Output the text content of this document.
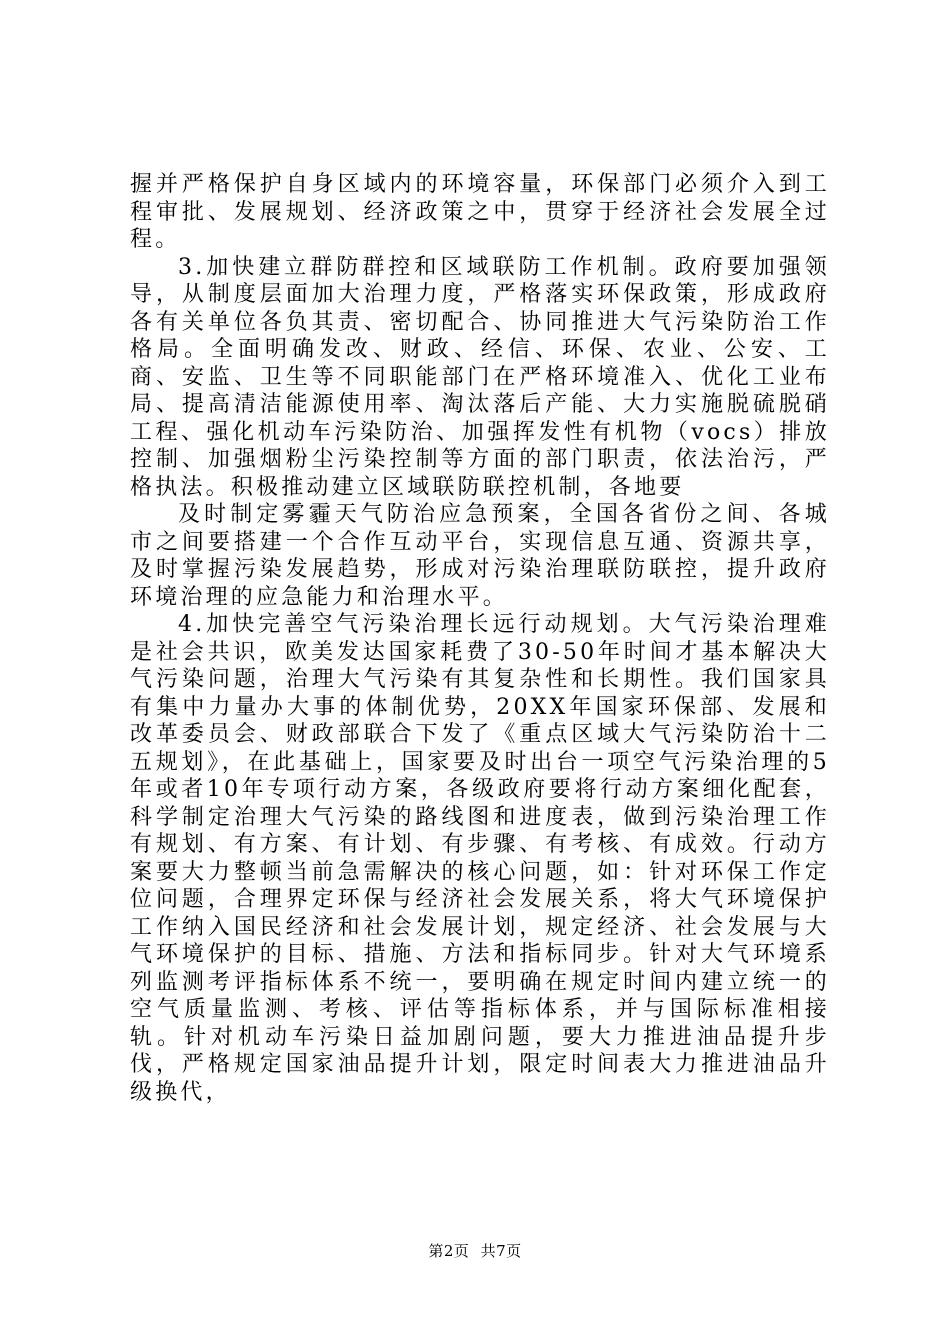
握并严格保护自身区域内的环境容量，环保部门必须介入到工程审批、发展规划、经济政策之中，贯穿于经济社会发展全过程。

3.加快建立群防群控和区域联防工作机制。政府要加强领导，从制度层面加大治理力度，严格落实环保政策，形成政府各有关单位各负其责、密切配合、协同推进大气污染防治工作格局。全面明确发改、财政、经信、环保、农业、公安、工商、安监、卫生等不同职能部门在严格环境准入、优化工业布局、提高清洁能源使用率、淘汰落后产能、大力实施脱硫脱硝工程、强化机动车污染防治、加强挥发性有机物（vocs）排放控制、加强烟粉尘污染控制等方面的部门职责，依法治污，严格执法。积极推动建立区域联防联控机制，各地要

及时制定雾霾天气防治应急预案，全国各省份之间、各城市之间要搭建一个合作互动平台，实现信息互通、资源共享，及时掌握污染发展趋势，形成对污染治理联防联控，提升政府环境治理的应急能力和治理水平。

4.加快完善空气污染治理长远行动规划。大气污染治理难是社会共识，欧美发达国家耗费了30-50年时间才基本解决大气污染问题，治理大气污染有其复杂性和长期性。我们国家具有集中力量办大事的体制优势，20XX年国家环保部、发展和改革委员会、财政部联合下发了《重点区域大气污染防治十二五规划》，在此基础上，国家要及时出台一项空气污染治理的5年或者10年专项行动方案，各级政府要将行动方案细化配套，科学制定治理大气污染的路线图和进度表，做到污染治理工作有规划、有方案、有计划、有步骤、有考核、有成效。行动方案要大力整顿当前急需解决的核心问题，如：针对环保工作定位问题，合理界定环保与经济社会发展关系，将大气环境保护工作纳入国民经济和社会发展计划，规定经济、社会发展与大气环境保护的目标、措施、方法和指标同步。针对大气环境系列监测考评指标体系不统一，要明确在规定时间内建立统一的空气质量监测、考核、评估等指标体系，并与国际标准相接轨。针对机动车污染日益加剧问题，要大力推进油品提升步伐，严格规定国家油品提升计划，限定时间表大力推进油品升级换代，

第2页 共7页
